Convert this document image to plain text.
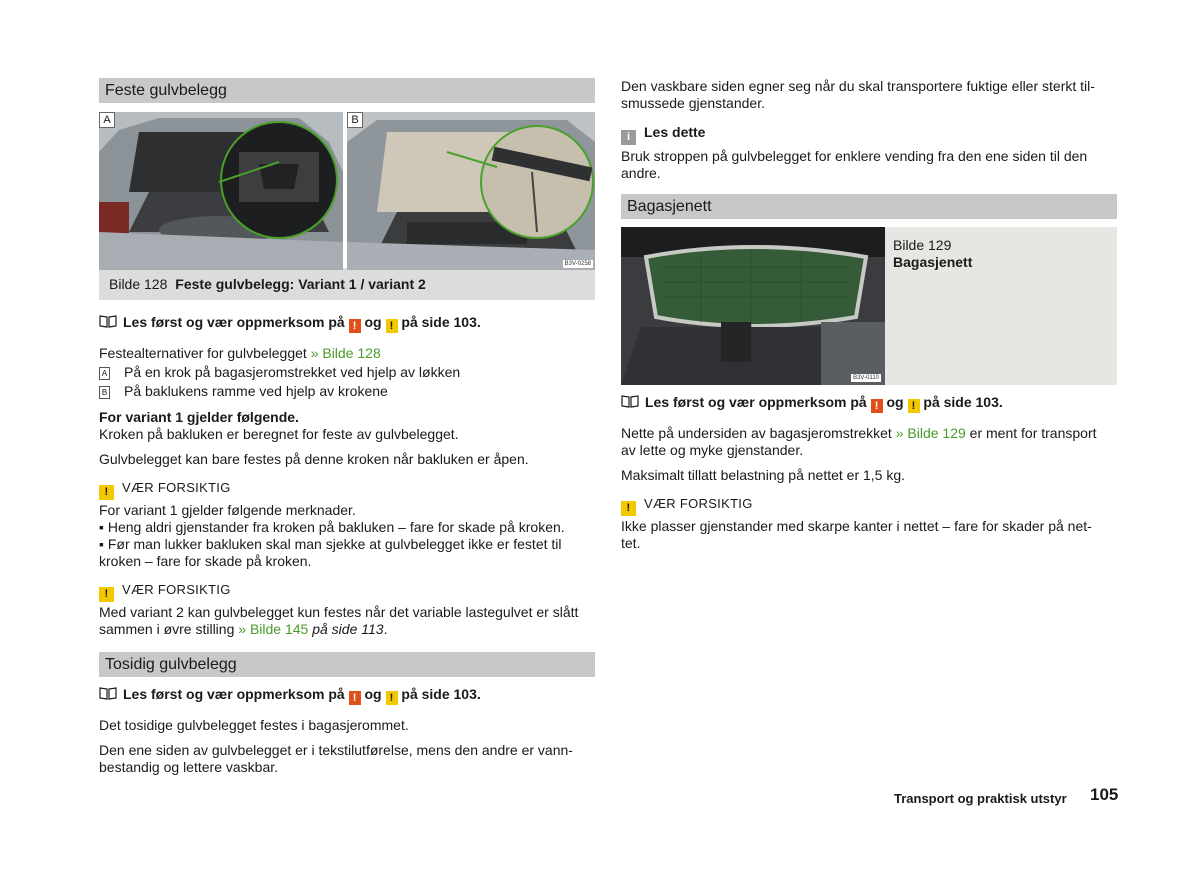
Feste gulvbelegg
A	B
B3V-0258
Bilde 128 Feste gulvbelegg: Variant 1 / variant 2

Les først og vær oppmerksom på ! og ! på side 103.

Festealternativer for gulvbelegget » Bilde 128

A På en krok på bagasjeromstrekket ved hjelp av løkken

B På baklukens ramme ved hjelp av krokene

For variant 1 gjelder følgende.

Kroken på bakluken er beregnet for feste av gulvbelegget.

Gulvbelegget kan bare festes på denne kroken når bakluken er åpen.

! VÆR FORSIKTIG

For variant 1 gjelder følgende merknader.

▪ Heng aldri gjenstander fra kroken på bakluken – fare for skade på kroken.

▪ Før man lukker bakluken skal man sjekke at gulvbelegget ikke er festet til

kroken – fare for skade på kroken.

! VÆR FORSIKTIG

Med variant 2 kan gulvbelegget kun festes når det variable lastegulvet er slått

sammen i øvre stilling » Bilde 145 på side 113.

Tosidig gulvbelegg

Les først og vær oppmerksom på ! og ! på side 103.

Det tosidige gulvbelegget festes i bagasjerommet.

Den ene siden av gulvbelegget er i tekstilutførelse, mens den andre er vann-

bestandig og lettere vaskbar.

Den vaskbare siden egner seg når du skal transportere fuktige eller sterkt til-

smussede gjenstander.

i Les dette

Bruk stroppen på gulvbelegget for enklere vending fra den ene siden til den

andre.

Bagasjenett
B3V-0110

Bilde 129

Bagasjenett

Les først og vær oppmerksom på ! og ! på side 103.

Nette på undersiden av bagasjeromstrekket » Bilde 129 er ment for transport

av lette og myke gjenstander.

Maksimalt tillatt belastning på nettet er 1,5 kg.

! VÆR FORSIKTIG

Ikke plasser gjenstander med skarpe kanter i nettet – fare for skader på net-

tet.

Transport og praktisk utstyr 105
